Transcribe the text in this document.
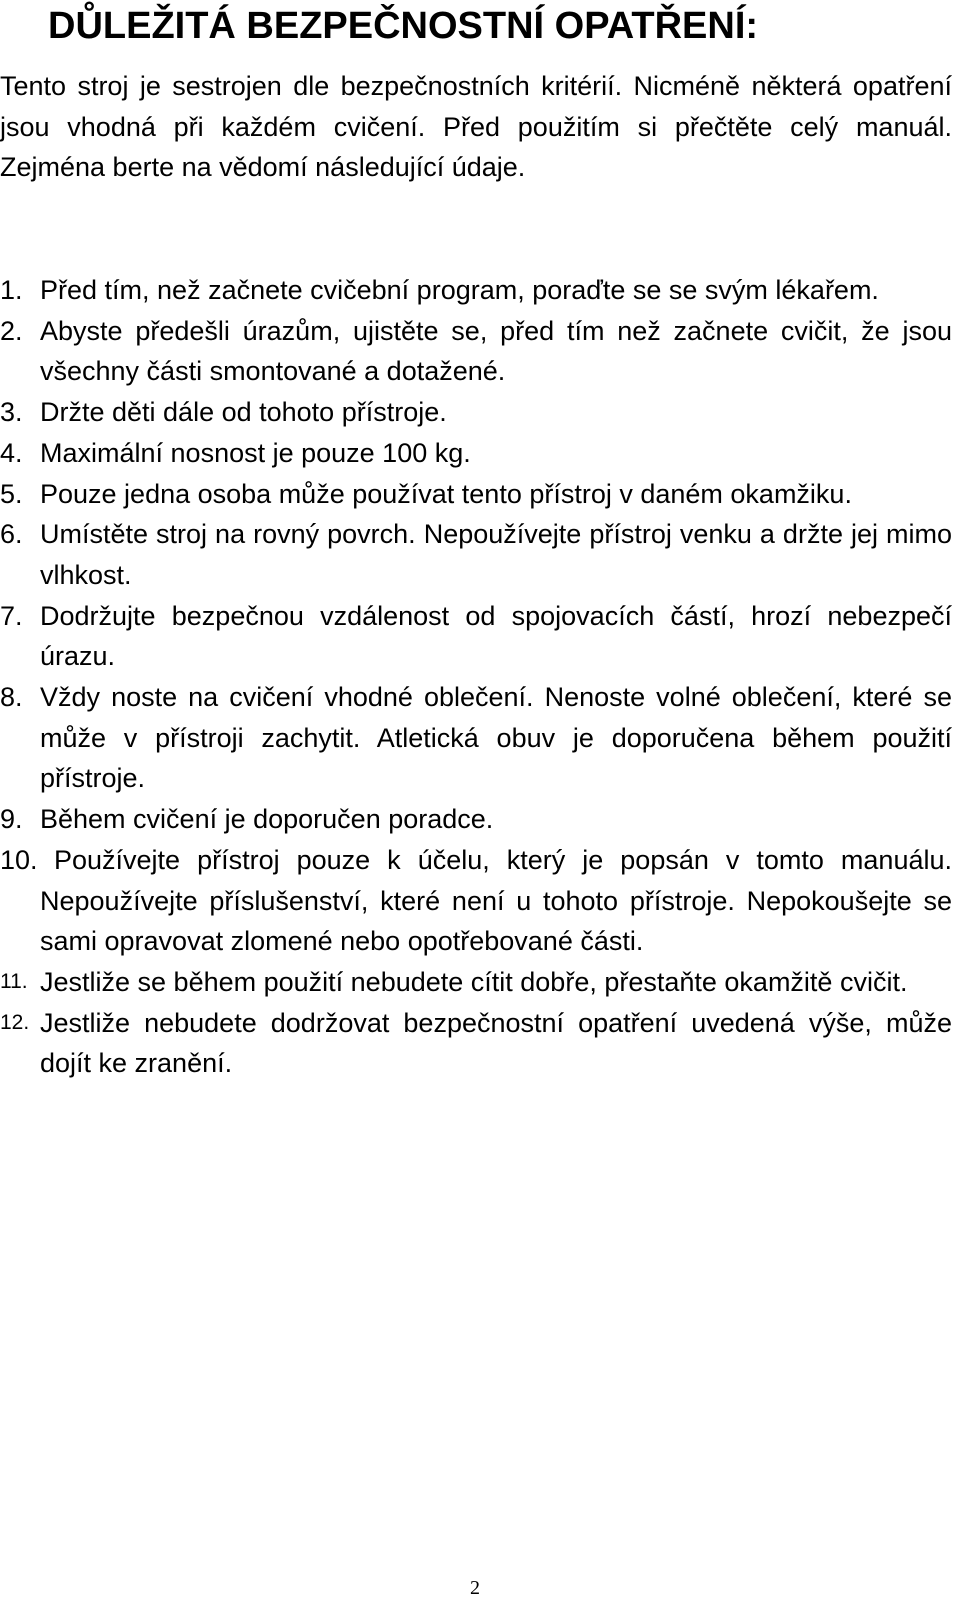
DŮLEŽITÁ BEZPEČNOSTNÍ OPATŘENÍ:

Tento stroj je sestrojen dle bezpečnostních kritérií. Nicméně některá opatření jsou vhodná při každém cvičení. Před použitím si přečtěte celý manuál. Zejména berte na vědomí následující údaje.

1. Před tím, než začnete cvičební program, poraďte se se svým lékařem.
2. Abyste předešli úrazům, ujistěte se, před tím než začnete cvičit, že jsou všechny části smontované a dotažené.
3. Držte děti dále od tohoto přístroje.
4. Maximální nosnost je pouze 100 kg.
5. Pouze jedna osoba může používat tento přístroj v daném okamžiku.
6. Umístěte stroj na rovný povrch. Nepoužívejte přístroj venku a držte jej mimo vlhkost.
7. Dodržujte bezpečnou vzdálenost od spojovacích částí, hrozí nebezpečí úrazu.
8. Vždy noste na cvičení vhodné oblečení. Nenoste volné oblečení, které se může v přístroji zachytit. Atletická obuv je doporučena během použití přístroje.
9. Během cvičení je doporučen poradce.
10. Používejte přístroj pouze k účelu, který je popsán v tomto manuálu. Nepoužívejte příslušenství, které není u tohoto přístroje. Nepokoušejte se sami opravovat zlomené nebo opotřebované části.
11. Jestliže se během použití nebudete cítit dobře, přestaňte okamžitě cvičit.
12. Jestliže nebudete dodržovat bezpečnostní opatření uvedená výše, může dojít ke zranění.
2
